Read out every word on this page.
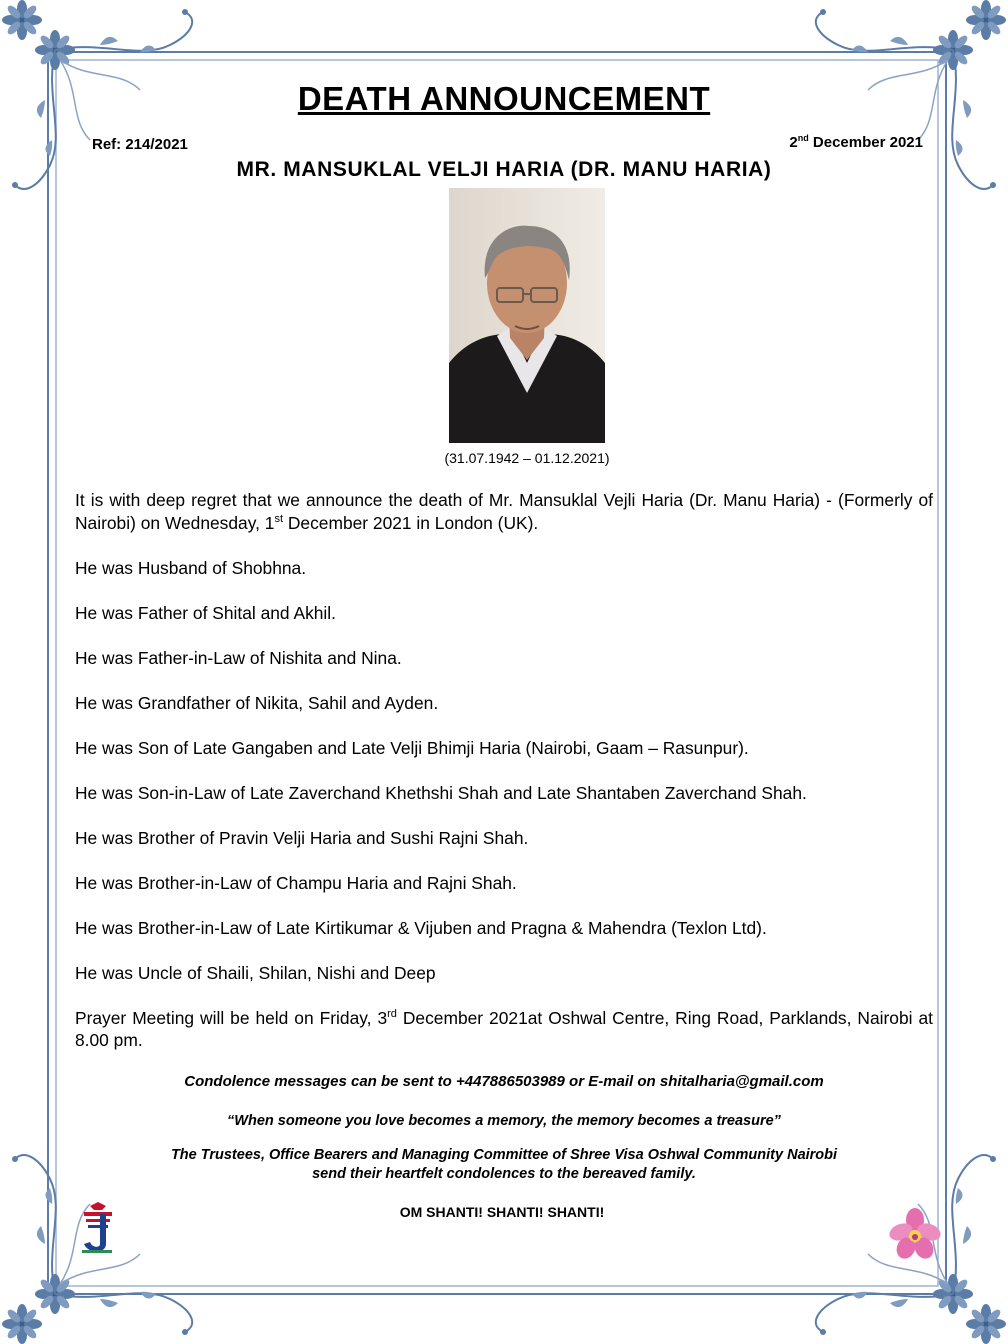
DEATH ANNOUNCEMENT
Ref: 214/2021	2nd December 2021
MR. MANSUKLAL VELJI HARIA (DR. MANU HARIA)
(31.07.1942 – 01.12.2021)

It is with deep regret that we announce the death of Mr. Mansuklal Vejli Haria (Dr. Manu Haria) - (Formerly of Nairobi) on Wednesday, 1st December 2021 in London (UK).

He was Husband of Shobhna.

He was Father of Shital and Akhil.

He was Father-in-Law of Nishita and Nina.

He was Grandfather of Nikita, Sahil and Ayden.

He was Son of Late Gangaben and Late Velji Bhimji Haria (Nairobi, Gaam – Rasunpur).

He was Son-in-Law of Late Zaverchand Khethshi Shah and Late Shantaben Zaverchand Shah.

He was Brother of Pravin Velji Haria and Sushi Rajni Shah.

He was Brother-in-Law of Champu Haria and Rajni Shah.

He was Brother-in-Law of Late Kirtikumar & Vijuben and Pragna & Mahendra (Texlon Ltd).

He was Uncle of Shaili, Shilan, Nishi and Deep

Prayer Meeting will be held on Friday, 3rd December 2021at Oshwal Centre, Ring Road, Parklands, Nairobi at 8.00 pm.

Condolence messages can be sent to +447886503989 or E-mail on shitalharia@gmail.com
“When someone you love becomes a memory, the memory becomes a treasure”
The Trustees, Office Bearers and Managing Committee of Shree Visa Oshwal Community Nairobi
send their heartfelt condolences to the bereaved family.
OM SHANTI! SHANTI! SHANTI!
